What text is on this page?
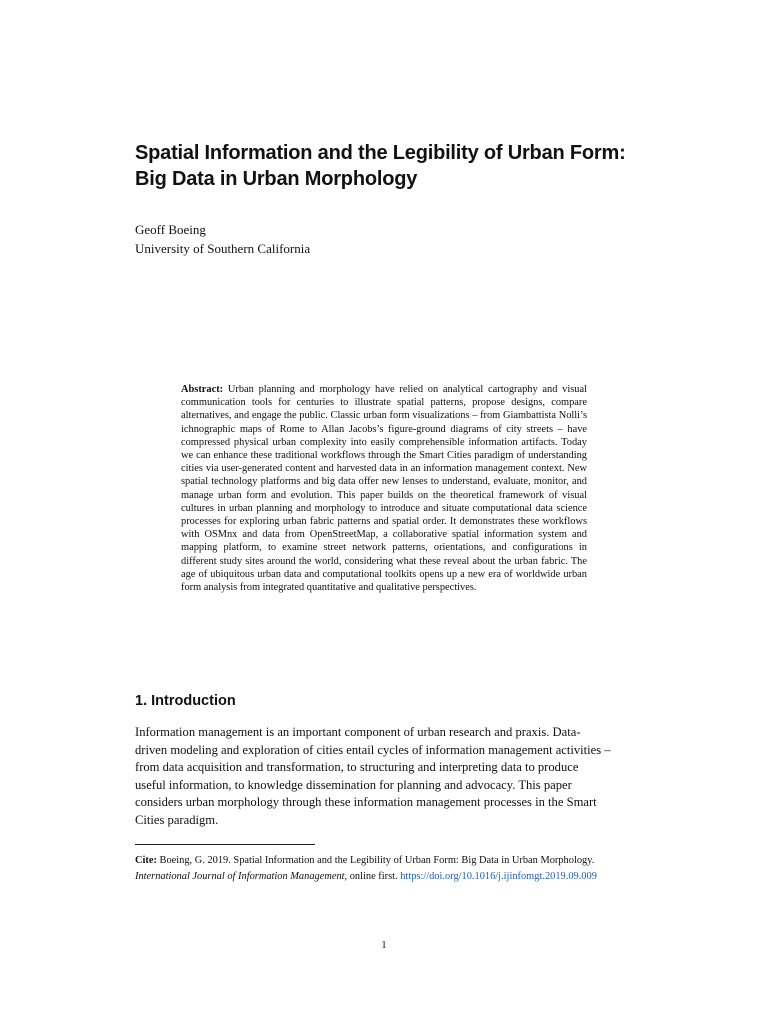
Spatial Information and the Legibility of Urban Form:
Big Data in Urban Morphology
Geoff Boeing
University of Southern California

Abstract: Urban planning and morphology have relied on analytical cartography and visual communication tools for centuries to illustrate spatial patterns, propose designs, compare alternatives, and engage the public. Classic urban form visualizations – from Giambattista Nolli’s ichnographic maps of Rome to Allan Jacobs’s figure-ground diagrams of city streets – have compressed physical urban complexity into easily comprehensible information artifacts. Today we can enhance these traditional workflows through the Smart Cities paradigm of understanding cities via user-generated content and harvested data in an information management context. New spatial technology platforms and big data offer new lenses to understand, evaluate, monitor, and manage urban form and evolution. This paper builds on the theoretical framework of visual cultures in urban planning and morphology to introduce and situate computational data science processes for exploring urban fabric patterns and spatial order. It demonstrates these workflows with OSMnx and data from OpenStreetMap, a collaborative spatial information system and mapping platform, to examine street network patterns, orientations, and configurations in different study sites around the world, considering what these reveal about the urban fabric. The age of ubiquitous urban data and computational toolkits opens up a new era of worldwide urban form analysis from integrated quantitative and qualitative perspectives.

1. Introduction
Information management is an important component of urban research and praxis. Data-
driven modeling and exploration of cities entail cycles of information management activities –
from data acquisition and transformation, to structuring and interpreting data to produce
useful information, to knowledge dissemination for planning and advocacy. This paper
considers urban morphology through these information management processes in the Smart
Cities paradigm.
Cite: Boeing, G. 2019. Spatial Information and the Legibility of Urban Form: Big Data in Urban Morphology.
International Journal of Information Management, online first. https://doi.org/10.1016/j.ijinfomgt.2019.09.009
1
